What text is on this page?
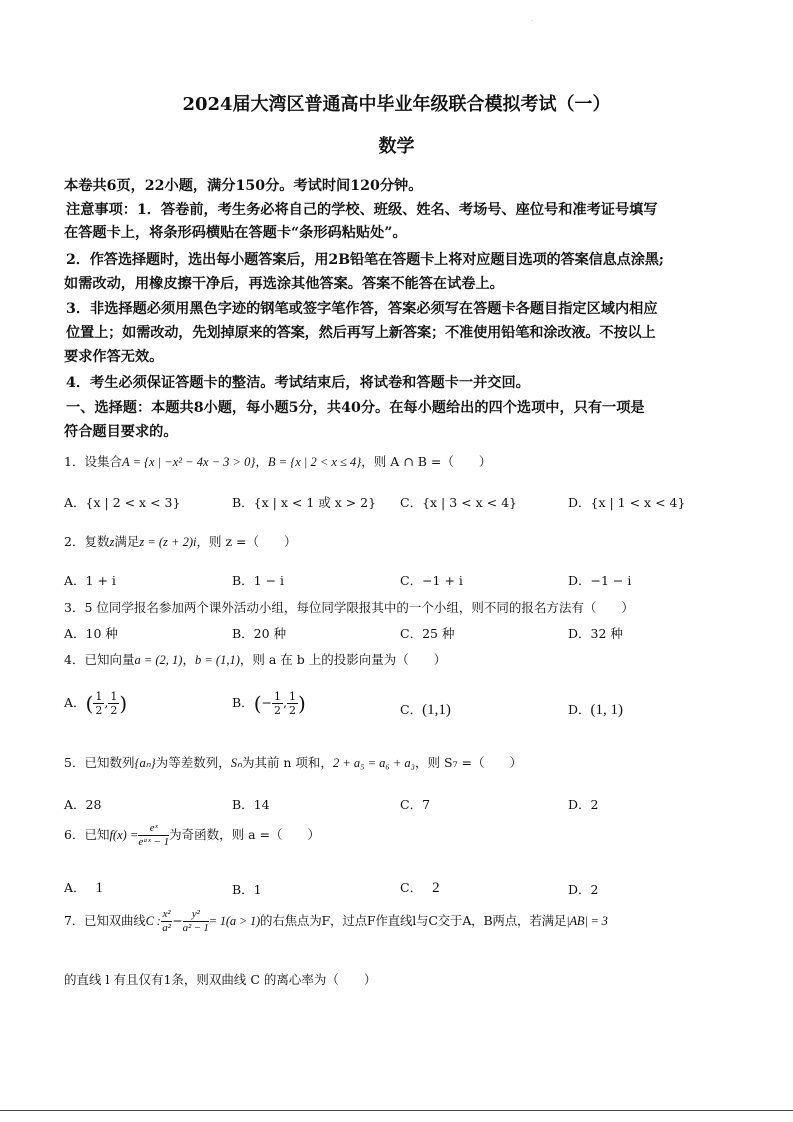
·
2024届大湾区普通高中毕业年级联合模拟考试（一）
数学
本卷共6页，22小题，满分150分。考试时间120分钟。
注意事项：1．答卷前，考生务必将自己的学校、班级、姓名、考场号、座位号和准考证号填写
在答题卡上，将条形码横贴在答题卡“条形码粘贴处”。
2．作答选择题时，选出每小题答案后，用2B铅笔在答题卡上将对应题目选项的答案信息点涂黑;
如需改动，用橡皮擦干净后，再选涂其他答案。答案不能答在试卷上。
3．非选择题必须用黑色字迹的钢笔或签字笔作答，答案必须写在答题卡各题目指定区域内相应
位置上；如需改动，先划掉原来的答案，然后再写上新答案；不准使用铅笔和涂改液。不按以上
要求作答无效。
4．考生必须保证答题卡的整洁。考试结束后，将试卷和答题卡一并交回。
一、选择题：本题共8小题，每小题5分，共40分。在每小题给出的四个选项中，只有一项是
符合题目要求的。
1．设集合A = {x | −x² − 4x − 3 > 0}，B = {x | 2 < x ≤ 4}，则 A ∩ B =（　　）
A．{x | 2 < x < 3}	B．{x | x < 1 或 x > 2} C．{x | 3 < x < 4}	D．{x | 1 < x < 4}
2．复数z满足z = (z + 2)i，则 z =（　　）
A．1 + i	B．1 − i	C．−1 + i	D．−1 − i
3．5 位同学报名参加两个课外活动小组，每位同学限报其中的一个小组，则不同的报名方法有（　　）
A．10 种	B．20 种	C．25 种	D．32 种
4．已知向量a = (2, 1)，b = (1,1)，则 a 在 b 上的投影向量为（　　）
A．( $\frac{1}{2}$ , $\frac{1}{2}$ )	B．(− $\frac{1}{2}$ , $\frac{1}{2}$ )	C．(1,1)	D．(1, 1)
5．已知数列{aₙ}为等差数列，Sₙ为其前 n 项和，2 + a₅ = a₆ + a₃，则 S₇ =（　　）
A．28	B．14	C．7	D．2
6．已知$f(x) = \frac{\text{eˣ}}{\text{eᵃˣ − 1}}$ 为奇函数，则 a =（　　）
A． 1	B．1	C． 2	D．2
7．已知双曲线C : $\frac{\text{x²}}{\text{a²}} - \frac{\text{y²}}{\text{a² − 1}} = 1(a > 1)$的右焦点为F，过点F作直线l与C交于A，B两点，若满足|AB| = 3
的直线 l 有且仅有1条，则双曲线 C 的离心率为（　　）
